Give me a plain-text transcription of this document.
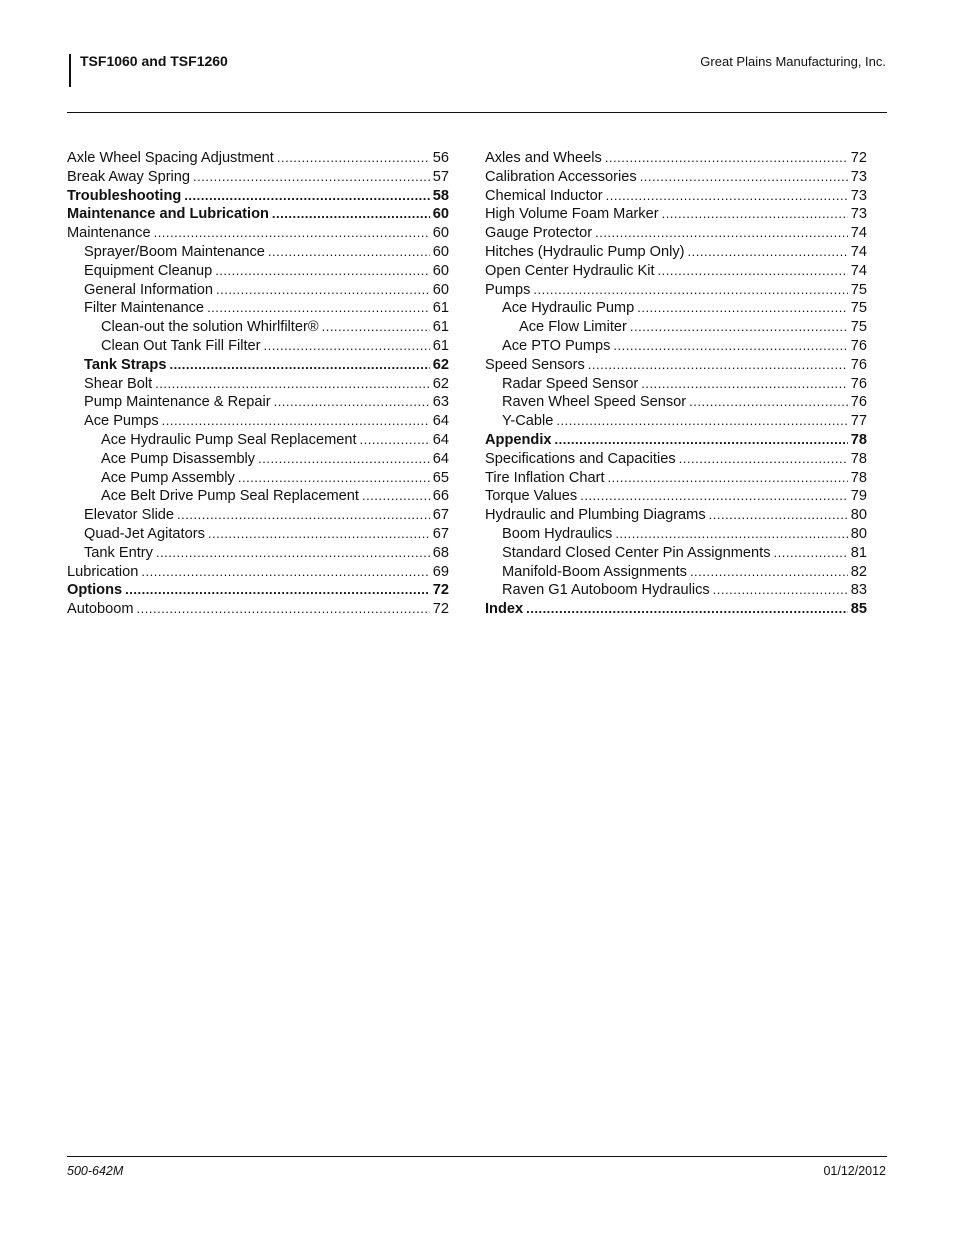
TSF1060 and TSF1260	Great Plains Manufacturing, Inc.
Axle Wheel Spacing Adjustment .....	56
Break Away Spring .....	57
Troubleshooting .....	58
Maintenance and Lubrication .....	60
Maintenance .....	60
Sprayer/Boom Maintenance .....	60
Equipment Cleanup .....	60
General Information .....	60
Filter Maintenance .....	61
Clean-out the solution Whirlfilter® .....	61
Clean Out Tank Fill Filter .....	61
Tank Straps .....	62
Shear Bolt .....	62
Pump Maintenance & Repair .....	63
Ace Pumps .....	64
Ace Hydraulic Pump Seal Replacement .....	64
Ace Pump Disassembly .....	64
Ace Pump Assembly .....	65
Ace Belt Drive Pump Seal Replacement .....	66
Elevator Slide .....	67
Quad-Jet Agitators .....	67
Tank Entry .....	68
Lubrication .....	69
Options .....	72
Autoboom .....	72
Axles and Wheels .....	72
Calibration Accessories .....	73
Chemical Inductor .....	73
High Volume Foam Marker .....	73
Gauge Protector .....	74
Hitches (Hydraulic Pump Only) .....	74
Open Center Hydraulic Kit .....	74
Pumps .....	75
Ace Hydraulic Pump .....	75
Ace Flow Limiter .....	75
Ace PTO Pumps .....	76
Speed Sensors .....	76
Radar Speed Sensor .....	76
Raven Wheel Speed Sensor .....	76
Y-Cable .....	77
Appendix .....	78
Specifications and Capacities .....	78
Tire Inflation Chart .....	78
Torque Values .....	79
Hydraulic and Plumbing Diagrams .....	80
Boom Hydraulics .....	80
Standard Closed Center Pin Assignments .....	81
Manifold-Boom Assignments .....	82
Raven G1 Autoboom Hydraulics .....	83
Index .....	85
500-642M	01/12/2012
